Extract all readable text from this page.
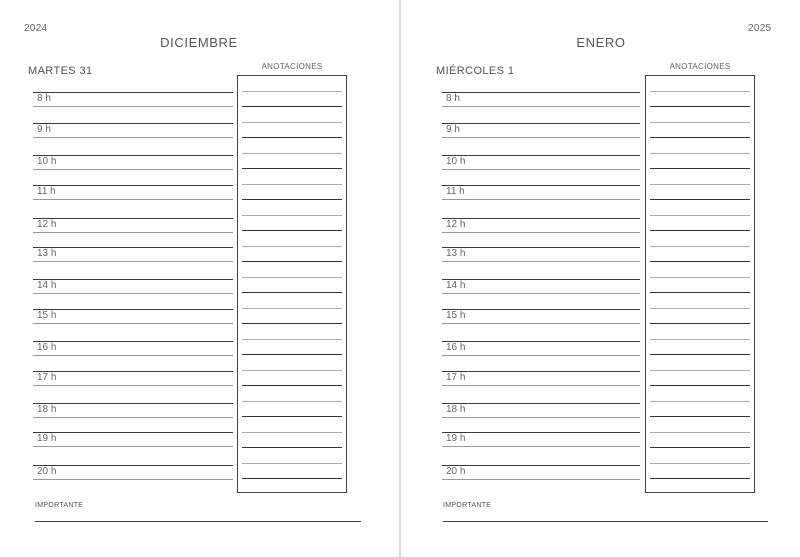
2024
DICIEMBRE
MARTES 31	ANOTACIONES
8 h
9 h
10 h
11 h
12 h
13 h
14 h
15 h
16 h
17 h
18 h
19 h
20 h
IMPORTANTE
2025
ENERO
MIÉRCOLES 1	ANOTACIONES
8 h
9 h
10 h
11 h
12 h
13 h
14 h
15 h
16 h
17 h
18 h
19 h
20 h
IMPORTANTE
